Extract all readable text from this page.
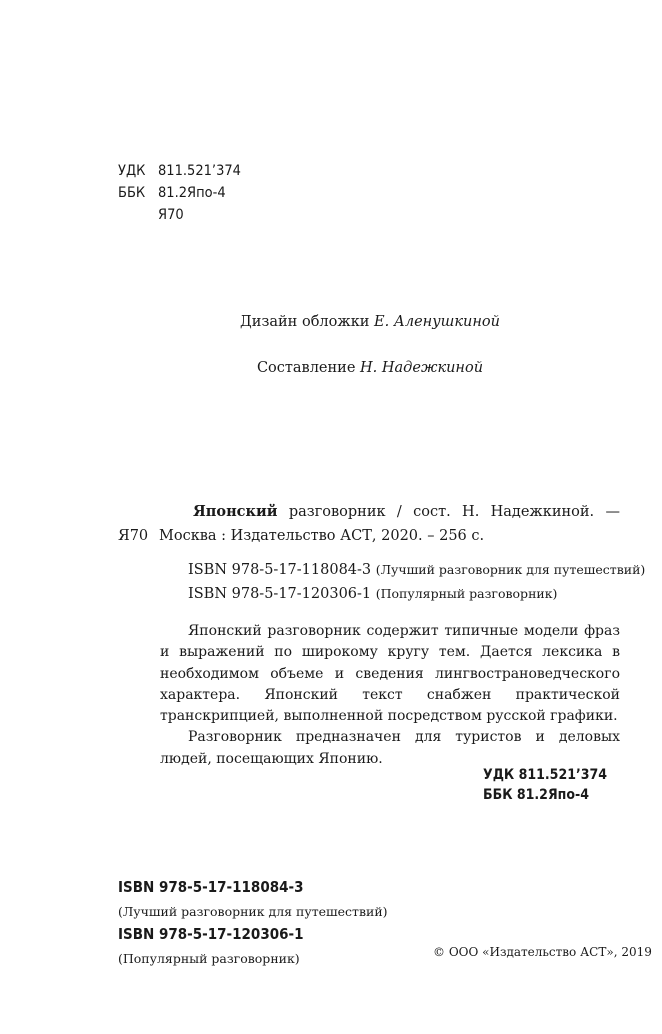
УДК 811.521’374
ББК 81.2Япо-4
Я70
Дизайн обложки Е. Аленушкиной
Составление Н. Надежкиной
Японский разговорник / сост. Н. Надежкиной. —
Я70 Москва : Издательство АСТ, 2020. – 256 с.
ISBN 978-5-17-118084-3 (Лучший разговорник для путешествий)
ISBN 978-5-17-120306-1 (Популярный разговорник)

Японский разговорник содержит типичные модели фраз и выражений по широкому кругу тем. Дается лексика в необходимом объеме и сведения лингвострановедческого характера. Японский текст снабжен практической транскрипцией, выполненной посредством русской графики.

Разговорник предназначен для туристов и деловых людей, посещающих Японию.

УДК 811.521’374
ББК 81.2Япо-4
ISBN 978-5-17-118084-3
(Лучший разговорник для путешествий)
ISBN 978-5-17-120306-1
(Популярный разговорник)	© ООО «Издательство АСТ», 2019
